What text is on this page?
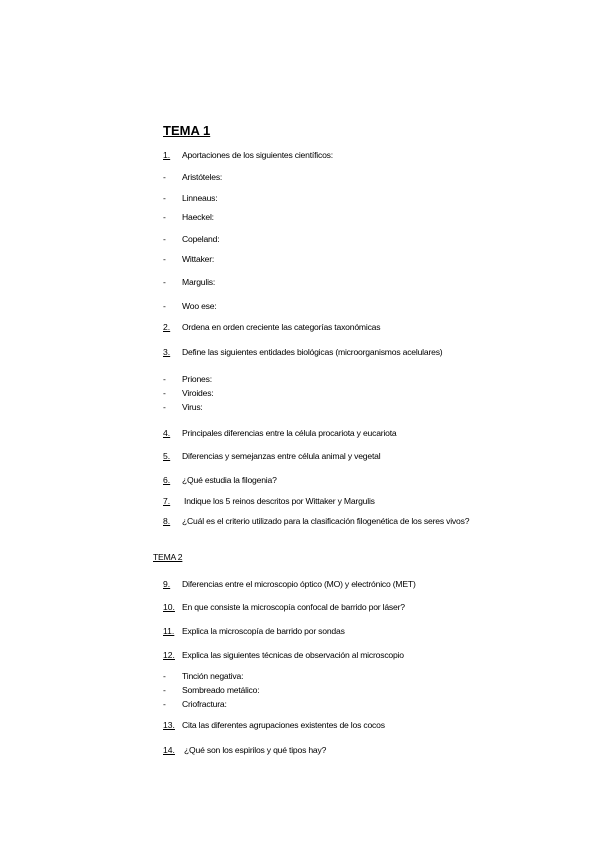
TEMA 1
1. Aportaciones de los siguientes científicos:
- Aristóteles:
- Linneaus:
- Haeckel:
- Copeland:
- Wittaker:
- Margulis:
- Woo ese:
2. Ordena en orden creciente las categorías taxonómicas
3. Define las siguientes entidades biológicas (microorganismos acelulares)
- Priones:
- Viroides:
- Virus:
4. Principales diferencias entre la célula procariota y eucariota
5. Diferencias y semejanzas entre célula animal y vegetal
6. ¿Qué estudia la filogenia?
7. Indique los 5 reinos descritos por Wittaker y Margulis
8. ¿Cuál es el criterio utilizado para la clasificación filogenética de los seres vivos?
TEMA 2
9. Diferencias entre el microscopio óptico (MO) y electrónico (MET)
10. En que consiste la microscopía confocal de barrido por láser?
11. Explica la microscopía de barrido por sondas
12. Explica las siguientes técnicas de observación al microscopio
- Tinción negativa:
- Sombreado metálico:
- Criofractura:
13. Cita las diferentes agrupaciones existentes de los cocos
14. ¿Qué son los espirilos y qué tipos hay?
